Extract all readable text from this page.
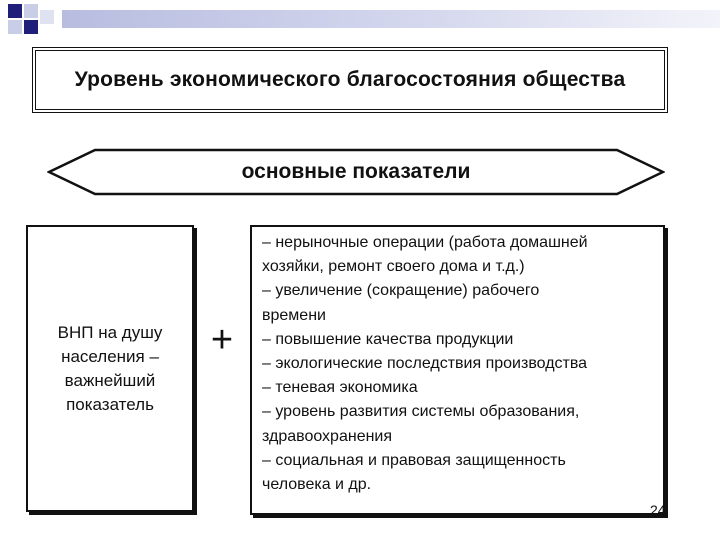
Уровень экономического благосостояния общества
основные показатели
ВНП на душу
населения –
важнейший
показатель
+
– нерыночные операции (работа домашней
хозяйки, ремонт своего дома и т.д.)
– увеличение (сокращение) рабочего
времени
– повышение качества продукции
– экологические последствия производства
– теневая экономика
– уровень развития системы образования,
здравоохранения
– социальная и правовая защищенность
человека и др.
24
